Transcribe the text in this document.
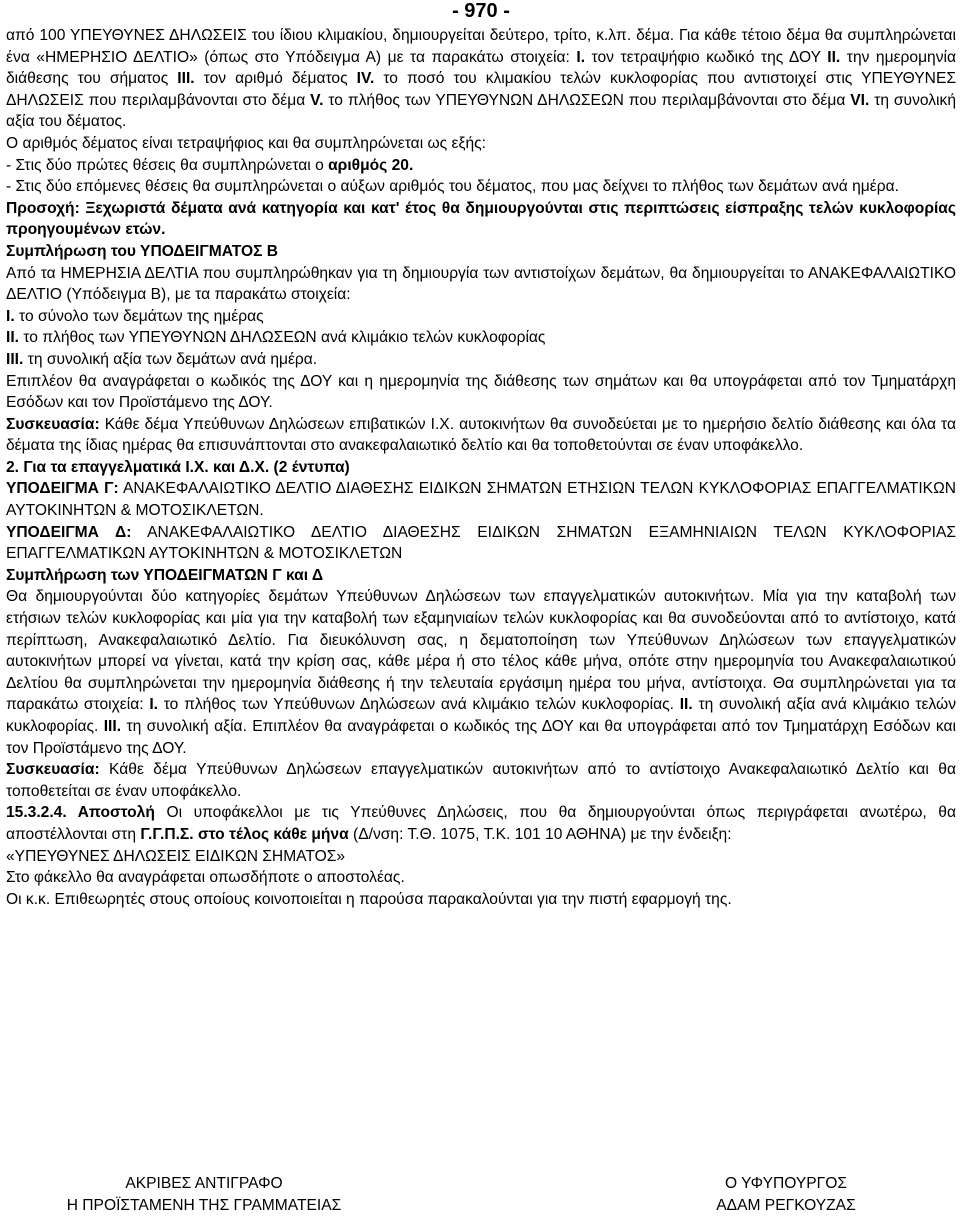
- 970 -

από 100 ΥΠΕΥΘΥΝΕΣ ΔΗΛΩΣΕΙΣ του ίδιου κλιμακίου, δημιουργείται δεύτερο, τρίτο, κ.λπ. δέμα. Για κάθε τέτοιο δέμα θα συμπληρώνεται ένα «ΗΜΕΡΗΣΙΟ ΔΕΛΤΙΟ» (όπως στο Υπόδειγμα Α) με τα παρακάτω στοιχεία: Ι. τον τετραψήφιο κωδικό της ΔΟΥ ΙΙ. την ημερομηνία διάθεσης του σήματος ΙΙΙ. τον αριθμό δέματος ΙV. το ποσό του κλιμακίου τελών κυκλοφορίας που αντιστοιχεί στις ΥΠΕΥΘΥΝΕΣ ΔΗΛΩΣΕΙΣ που περιλαμβάνονται στο δέμα V. το πλήθος των ΥΠΕΥΘΥΝΩΝ ΔΗΛΩΣΕΩΝ που περιλαμβάνονται στο δέμα VI. τη συνολική αξία του δέματος.

Ο αριθμός δέματος είναι τετραψήφιος και θα συμπληρώνεται ως εξής:

- Στις δύο πρώτες θέσεις θα συμπληρώνεται ο αριθμός 20.

- Στις δύο επόμενες θέσεις θα συμπληρώνεται ο αύξων αριθμός του δέματος, που μας δείχνει το πλήθος των δεμάτων ανά ημέρα.

Προσοχή: Ξεχωριστά δέματα ανά κατηγορία και κατ' έτος θα δημιουργούνται στις περιπτώσεις είσπραξης τελών κυκλοφορίας προηγουμένων ετών.

Συμπλήρωση του ΥΠΟΔΕΙΓΜΑΤΟΣ Β

Από τα ΗΜΕΡΗΣΙΑ ΔΕΛΤΙΑ που συμπληρώθηκαν για τη δημιουργία των αντιστοίχων δεμάτων, θα δημιουργείται το ΑΝΑΚΕΦΑΛΑΙΩΤΙΚΟ ΔΕΛΤΙΟ (Υπόδειγμα Β), με τα παρακάτω στοιχεία:

Ι. το σύνολο των δεμάτων της ημέρας

ΙΙ. το πλήθος των ΥΠΕΥΘΥΝΩΝ ΔΗΛΩΣΕΩΝ ανά κλιμάκιο τελών κυκλοφορίας

ΙΙΙ. τη συνολική αξία των δεμάτων ανά ημέρα.

Επιπλέον θα αναγράφεται ο κωδικός της ΔΟΥ και η ημερομηνία της διάθεσης των σημάτων και θα υπογράφεται από τον Τμηματάρχη Εσόδων και τον Προϊστάμενο της ΔΟΥ.

Συσκευασία: Κάθε δέμα Υπεύθυνων Δηλώσεων επιβατικών Ι.Χ. αυτοκινήτων θα συνοδεύεται με το ημερήσιο δελτίο διάθεσης και όλα τα δέματα της ίδιας ημέρας θα επισυνάπτονται στο ανακεφαλαιωτικό δελτίο και θα τοποθετούνται σε έναν υποφάκελλο.

2. Για τα επαγγελματικά Ι.Χ. και Δ.Χ. (2 έντυπα)

ΥΠΟΔΕΙΓΜΑ Γ: ΑΝΑΚΕΦΑΛΑΙΩΤΙΚΟ ΔΕΛΤΙΟ ΔΙΑΘΕΣΗΣ ΕΙΔΙΚΩΝ ΣΗΜΑΤΩΝ ΕΤΗΣΙΩΝ ΤΕΛΩΝ ΚΥΚΛΟΦΟΡΙΑΣ ΕΠΑΓΓΕΛΜΑΤΙΚΩΝ ΑΥΤΟΚΙΝΗΤΩΝ & ΜΟΤΟΣΙΚΛΕΤΩΝ.

ΥΠΟΔΕΙΓΜΑ Δ: ΑΝΑΚΕΦΑΛΑΙΩΤΙΚΟ ΔΕΛΤΙΟ ΔΙΑΘΕΣΗΣ ΕΙΔΙΚΩΝ ΣΗΜΑΤΩΝ ΕΞΑΜΗΝΙΑΙΩΝ ΤΕΛΩΝ ΚΥΚΛΟΦΟΡΙΑΣ ΕΠΑΓΓΕΛΜΑΤΙΚΩΝ ΑΥΤΟΚΙΝΗΤΩΝ & ΜΟΤΟΣΙΚΛΕΤΩΝ

Συμπλήρωση των ΥΠΟΔΕΙΓΜΑΤΩΝ Γ και Δ

Θα δημιουργούνται δύο κατηγορίες δεμάτων Υπεύθυνων Δηλώσεων των επαγγελματικών αυτοκινήτων. Μία για την καταβολή των ετήσιων τελών κυκλοφορίας και μία για την καταβολή των εξαμηνιαίων τελών κυκλοφορίας και θα συνοδεύονται από το αντίστοιχο, κατά περίπτωση, Ανακεφαλαιωτικό Δελτίο. Για διευκόλυνση σας, η δεματοποίηση των Υπεύθυνων Δηλώσεων των επαγγελματικών αυτοκινήτων μπορεί να γίνεται, κατά την κρίση σας, κάθε μέρα ή στο τέλος κάθε μήνα, οπότε στην ημερομηνία του Ανακεφαλαιωτικού Δελτίου θα συμπληρώνεται την ημερομηνία διάθεσης ή την τελευταία εργάσιμη ημέρα του μήνα, αντίστοιχα. Θα συμπληρώνεται για τα παρακάτω στοιχεία: Ι. το πλήθος των Υπεύθυνων Δηλώσεων ανά κλιμάκιο τελών κυκλοφορίας. ΙΙ. τη συνολική αξία ανά κλιμάκιο τελών κυκλοφορίας. ΙΙΙ. τη συνολική αξία. Επιπλέον θα αναγράφεται ο κωδικός της ΔΟΥ και θα υπογράφεται από τον Τμηματάρχη Εσόδων και τον Προϊστάμενο της ΔΟΥ.

Συσκευασία: Κάθε δέμα Υπεύθυνων Δηλώσεων επαγγελματικών αυτοκινήτων από το αντίστοιχο Ανακεφαλαιωτικό Δελτίο και θα τοποθετείται σε έναν υποφάκελλο.

15.3.2.4. Αποστολή Οι υποφάκελλοι με τις Υπεύθυνες Δηλώσεις, που θα δημιουργούνται όπως περιγράφεται ανωτέρω, θα αποστέλλονται στη Γ.Γ.Π.Σ. στο τέλος κάθε μήνα (Δ/νση: Τ.Θ. 1075, Τ.Κ. 101 10 ΑΘΗΝΑ) με την ένδειξη:

«ΥΠΕΥΘΥΝΕΣ ΔΗΛΩΣΕΙΣ ΕΙΔΙΚΩΝ ΣΗΜΑΤΟΣ»

Στο φάκελλο θα αναγράφεται οπωσδήποτε ο αποστολέας.

Οι κ.κ. Επιθεωρητές στους οποίους κοινοποιείται η παρούσα παρακαλούνται για την πιστή εφαρμογή της.

ΑΚΡΙΒΕΣ ΑΝΤΙΓΡΑΦΟ
Η ΠΡΟΪΣΤΑΜΕΝΗ ΤΗΣ ΓΡΑΜΜΑΤΕΙΑΣ
Ο ΥΦΥΠΟΥΡΓΟΣ
ΑΔΑΜ ΡΕΓΚΟΥΖΑΣ
